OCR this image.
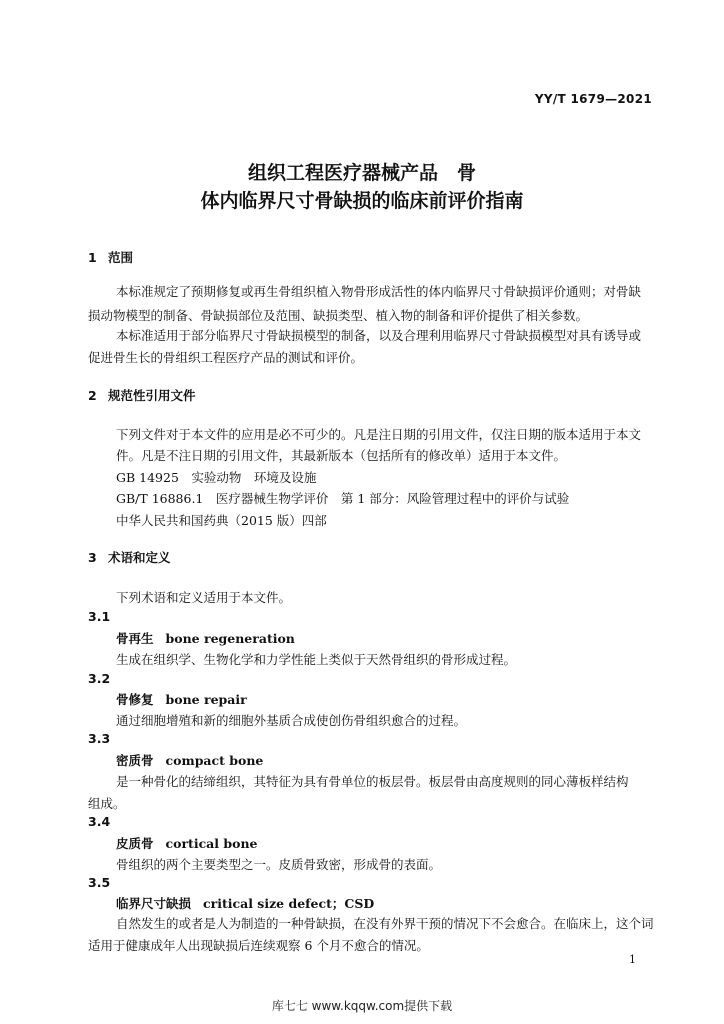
YY/T 1679—2021
组织工程医疗器械产品　骨
体内临界尺寸骨缺损的临床前评价指南
1 范围
本标准规定了预期修复或再生骨组织植入物骨形成活性的体内临界尺寸骨缺损评价通则；对骨缺
损动物模型的制备、骨缺损部位及范围、缺损类型、植入物的制备和评价提供了相关参数。
本标准适用于部分临界尺寸骨缺损模型的制备，以及合理利用临界尺寸骨缺损模型对具有诱导或
促进骨生长的骨组织工程医疗产品的测试和评价。
2 规范性引用文件
下列文件对于本文件的应用是必不可少的。凡是注日期的引用文件，仅注日期的版本适用于本文
件。凡是不注日期的引用文件，其最新版本（包括所有的修改单）适用于本文件。
GB 14925　实验动物　环境及设施
GB/T 16886.1　医疗器械生物学评价　第 1 部分：风险管理过程中的评价与试验
中华人民共和国药典（2015 版）四部
3 术语和定义
下列术语和定义适用于本文件。
3.1
骨再生 bone regeneration
生成在组织学、生物化学和力学性能上类似于天然骨组织的骨形成过程。
3.2
骨修复 bone repair
通过细胞增殖和新的细胞外基质合成使创伤骨组织愈合的过程。
3.3
密质骨 compact bone
是一种骨化的结缔组织，其特征为具有骨单位的板层骨。板层骨由高度规则的同心薄板样结构
组成。
3.4
皮质骨 cortical bone
骨组织的两个主要类型之一。皮质骨致密，形成骨的表面。
3.5
临界尺寸缺损 critical size defect；CSD
自然发生的或者是人为制造的一种骨缺损，在没有外界干预的情况下不会愈合。在临床上，这个词
适用于健康成年人出现缺损后连续观察 6 个月不愈合的情况。
1
库七七 www.kqqw.com提供下载
